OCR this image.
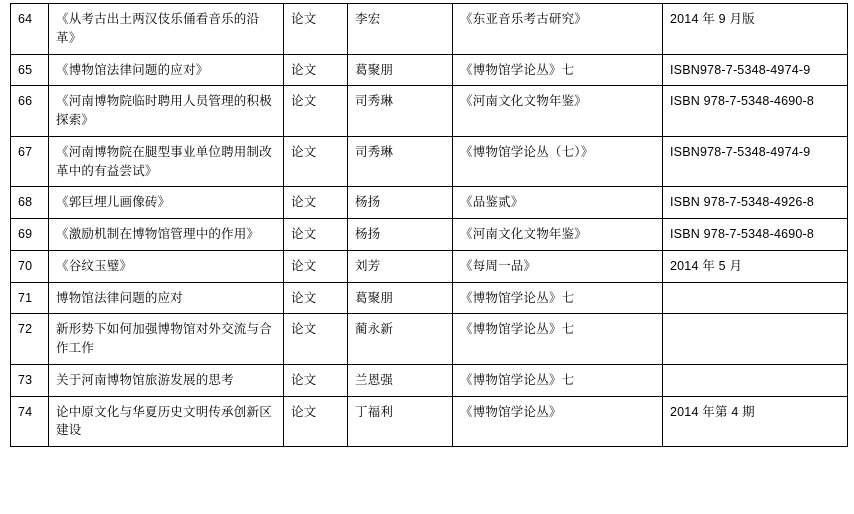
64	《从考古出土两汉伎乐俑看音乐的沿革》	论文	李宏	《东亚音乐考古研究》	2014 年 9 月版
65	《博物馆法律问题的应对》	论文	葛聚朋	《博物馆学论丛》七	ISBN978-7-5348-4974-9
66	《河南博物院临时聘用人员管理的积极探索》	论文	司秀琳	《河南文化文物年鉴》	ISBN 978-7-5348-4690-8
67	《河南博物院在腿型事业单位聘用制改革中的有益尝试》	论文	司秀琳	《博物馆学论丛（七）》	ISBN978-7-5348-4974-9
68	《郭巨埋儿画像砖》	论文	杨扬	《品鉴贰》	ISBN 978-7-5348-4926-8
69	《激励机制在博物馆管理中的作用》	论文	杨扬	《河南文化文物年鉴》	ISBN 978-7-5348-4690-8
70	《谷纹玉璧》	论文	刘芳	《每周一品》	2014 年 5 月
71	博物馆法律问题的应对	论文	葛聚朋	《博物馆学论丛》七	
72	新形势下如何加强博物馆对外交流与合作工作	论文	蔺永新	《博物馆学论丛》七	
73	关于河南博物馆旅游发展的思考	论文	兰恩强	《博物馆学论丛》七	
74	论中原文化与华夏历史文明传承创新区建设	论文	丁福利	《博物馆学论丛》	2014 年第 4 期
